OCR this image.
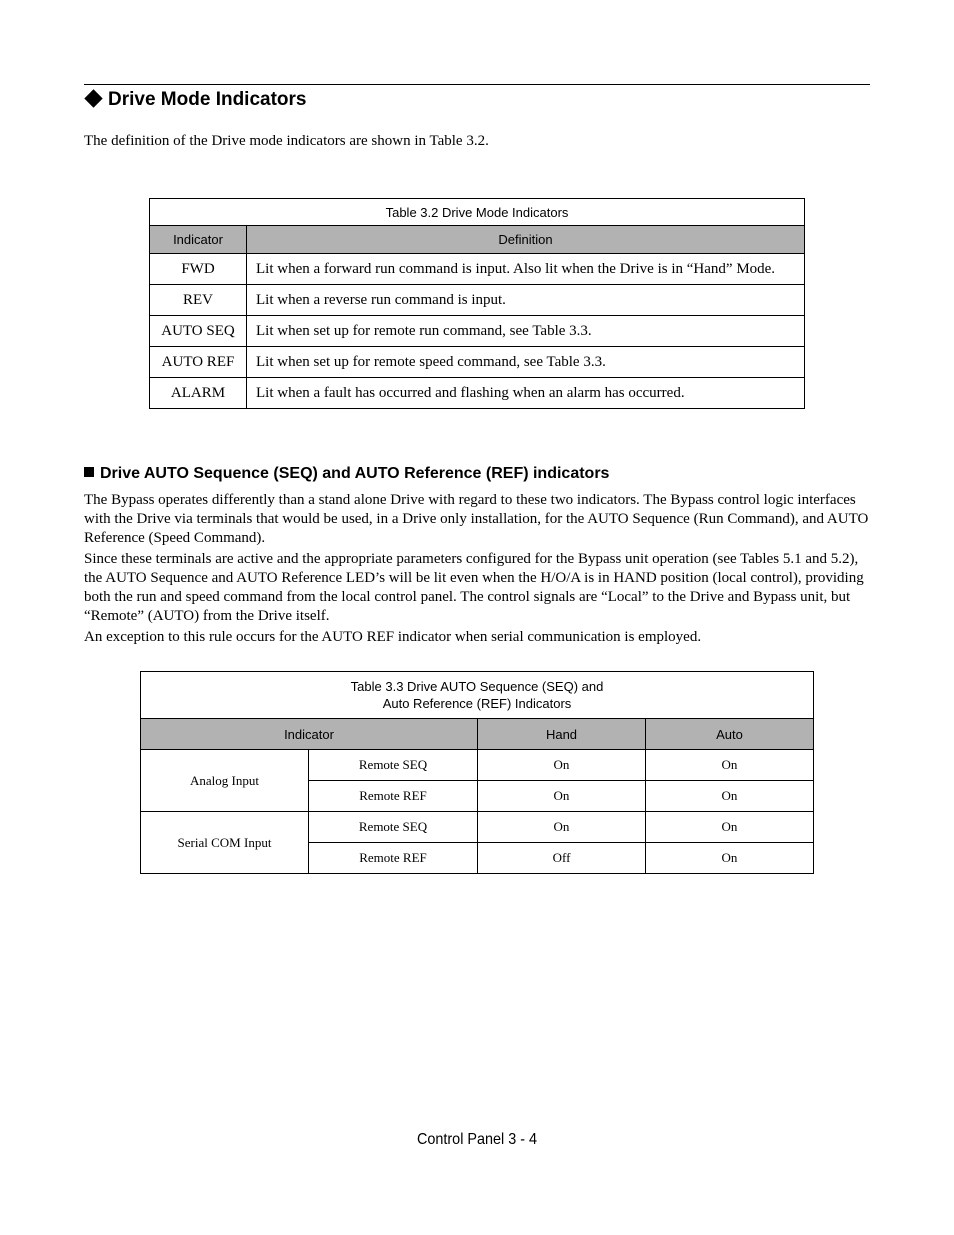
Drive Mode Indicators

The definition of the Drive mode indicators are shown in Table 3.2.

Table 3.2 Drive Mode Indicators	
Indicator	Definition
FWD	Lit when a forward run command is input. Also lit when the Drive is in “Hand” Mode.
REV	Lit when a reverse run command is input.
AUTO SEQ	Lit when set up for remote run command, see Table 3.3.
AUTO REF	Lit when set up for remote speed command, see Table 3.3.
ALARM	Lit when a fault has occurred and flashing when an alarm has occurred.
Drive AUTO Sequence (SEQ) and AUTO Reference (REF) indicators

The Bypass operates differently than a stand alone Drive with regard to these two indicators. The Bypass control logic interfaces with the Drive via terminals that would be used, in a Drive only installation, for the AUTO Sequence (Run Command), and AUTO Reference (Speed Command).

Since these terminals are active and the appropriate parameters configured for the Bypass unit operation (see Tables 5.1 and 5.2), the AUTO Sequence and AUTO Reference LED’s will be lit even when the H/O/A is in HAND position (local control), providing both the run and speed command from the local control panel. The control signals are “Local” to the Drive and Bypass unit, but “Remote” (AUTO) from the Drive itself.

An exception to this rule occurs for the AUTO REF indicator when serial communication is employed.

Table 3.3 Drive AUTO Sequence (SEQ) and
Auto Reference (REF) Indicators			
Indicator		Hand	Auto
Analog Input	Remote SEQ	On	On
	Remote REF	On	On
Serial COM Input	Remote SEQ	On	On
	Remote REF	Off	On

Control Panel 3 - 4
